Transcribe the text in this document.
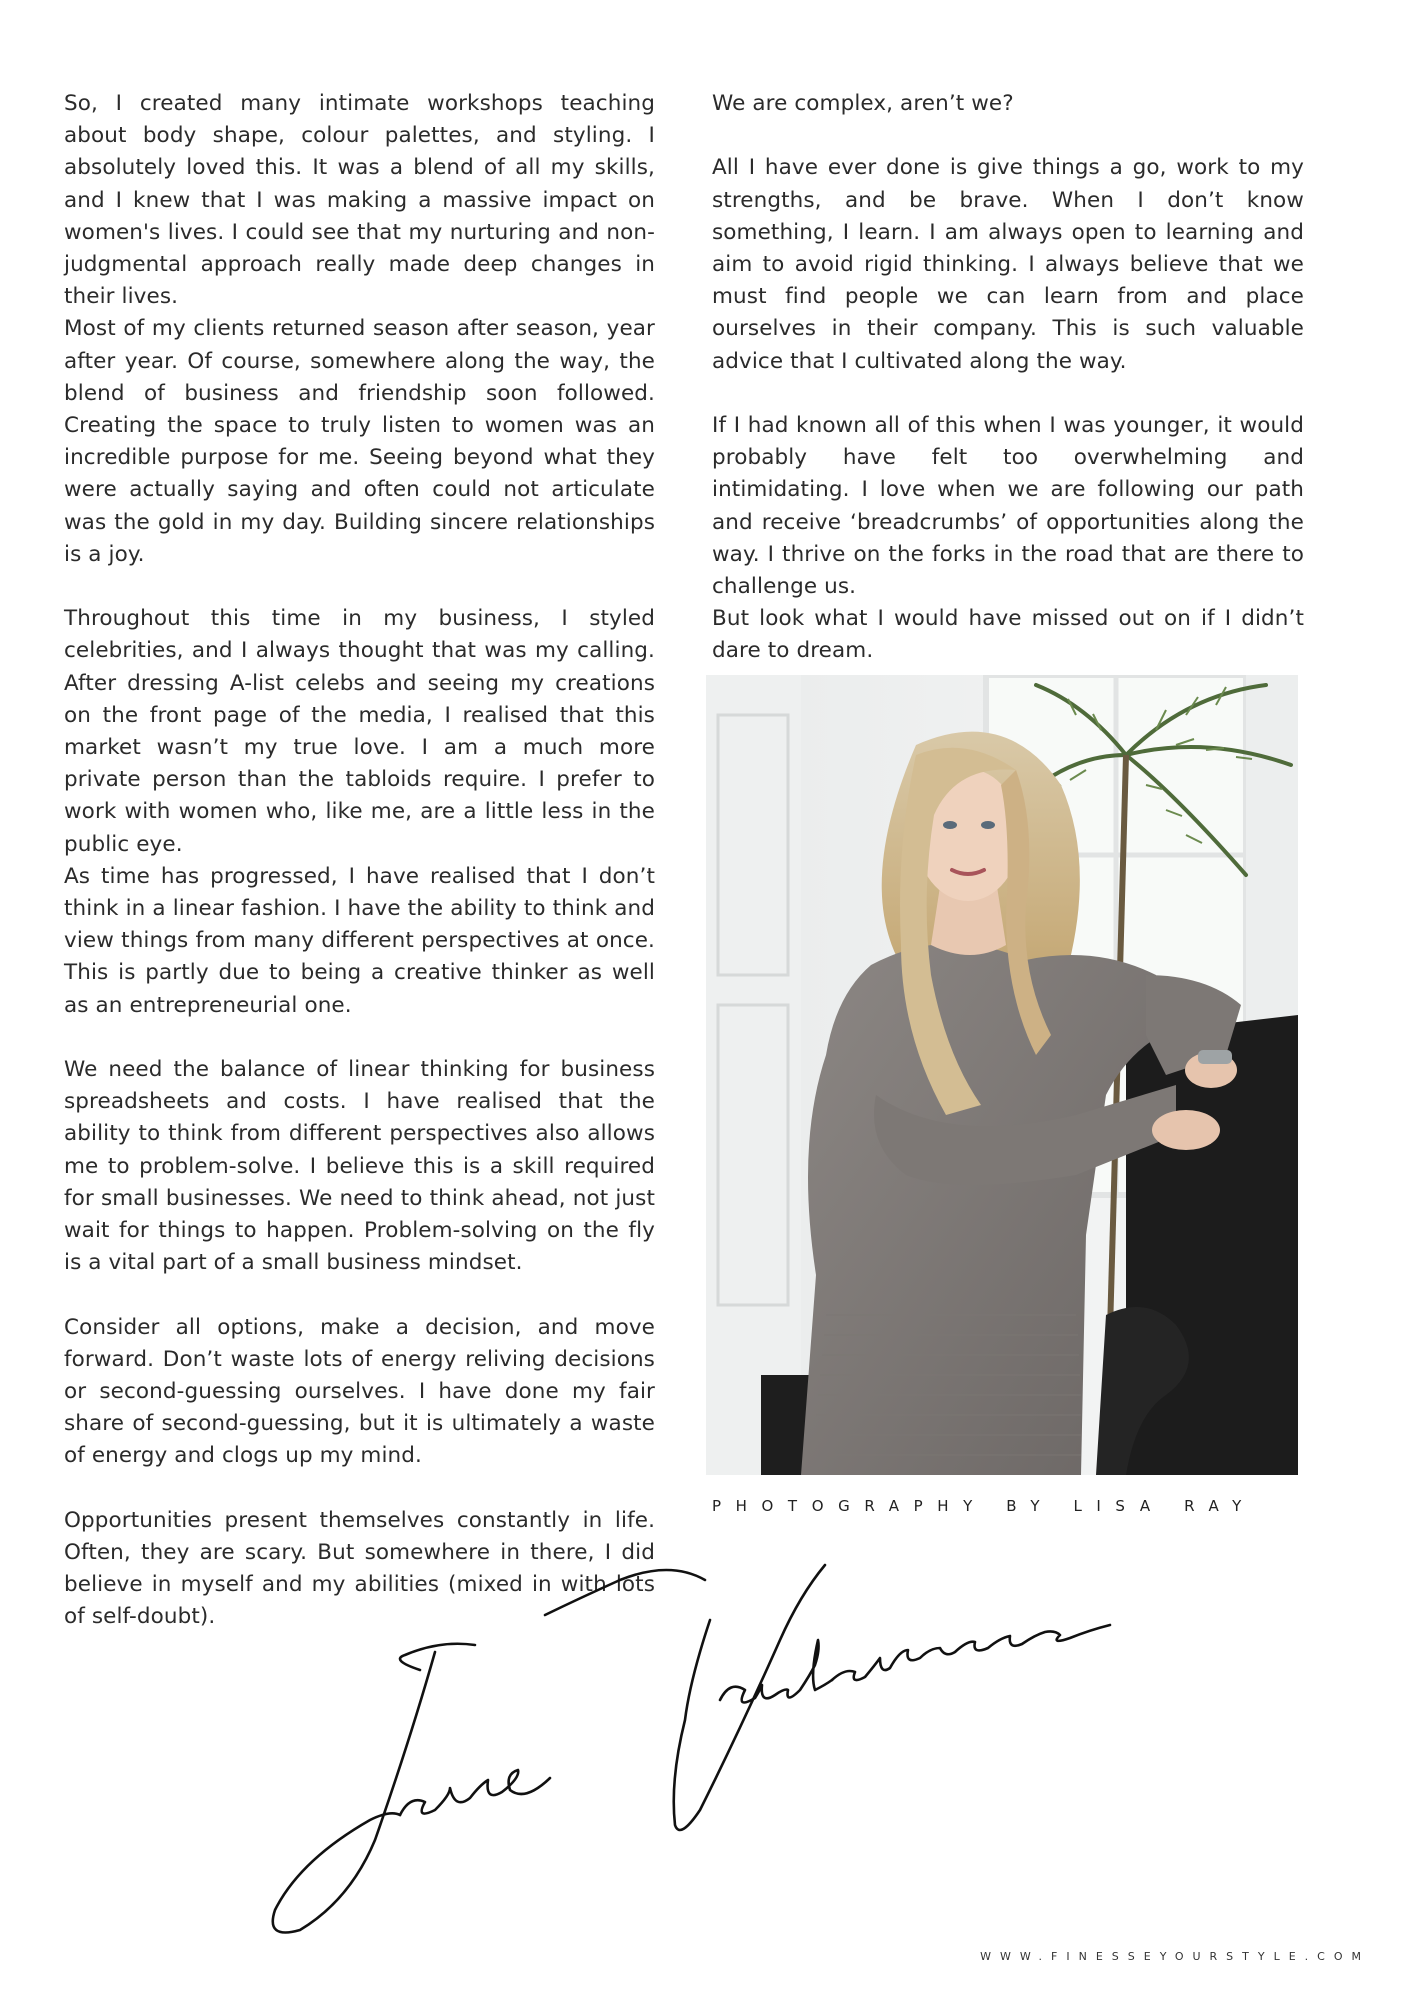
So, I created many intimate workshops teaching about body shape, colour palettes, and styling. I absolutely loved this. It was a blend of all my skills, and I knew that I was making a massive impact on women's lives. I could see that my nurturing and non-judgmental approach really made deep changes in their lives.

Most of my clients returned season after season, year after year. Of course, somewhere along the way, the blend of business and friendship soon followed. Creating the space to truly listen to women was an incredible purpose for me. Seeing beyond what they were actually saying and often could not articulate was the gold in my day. Building sincere relationships is a joy.

Throughout this time in my business, I styled celebrities, and I always thought that was my calling. After dressing A-list celebs and seeing my creations on the front page of the media, I realised that this market wasn’t my true love. I am a much more private person than the tabloids require. I prefer to work with women who, like me, are a little less in the public eye.

As time has progressed, I have realised that I don’t think in a linear fashion. I have the ability to think and view things from many different perspectives at once. This is partly due to being a creative thinker as well as an entrepreneurial one.

We need the balance of linear thinking for business spreadsheets and costs. I have realised that the ability to think from different perspectives also allows me to problem-solve. I believe this is a skill required for small businesses. We need to think ahead, not just wait for things to happen. Problem-solving on the fly is a vital part of a small business mindset.

Consider all options, make a decision, and move forward. Don’t waste lots of energy reliving decisions or second-guessing ourselves. I have done my fair share of second-guessing, but it is ultimately a waste of energy and clogs up my mind.

Opportunities present themselves constantly in life. Often, they are scary. But somewhere in there, I did believe in myself and my abilities (mixed in with lots of self-doubt).

We are complex, aren’t we?

All I have ever done is give things a go, work to my strengths, and be brave. When I don’t know something, I learn. I am always open to learning and aim to avoid rigid thinking. I always believe that we must find people we can learn from and place ourselves in their company. This is such valuable advice that I cultivated along the way.

If I had known all of this when I was younger, it would probably have felt too overwhelming and intimidating. I love when we are following our path and receive ‘breadcrumbs’ of opportunities along the way. I thrive on the forks in the road that are there to challenge us.

But look what I would have missed out on if I didn’t dare to dream.

PHOTOGRAPHY BY LISA RAY
WWW.FINESSEYOURSTYLE.COM
